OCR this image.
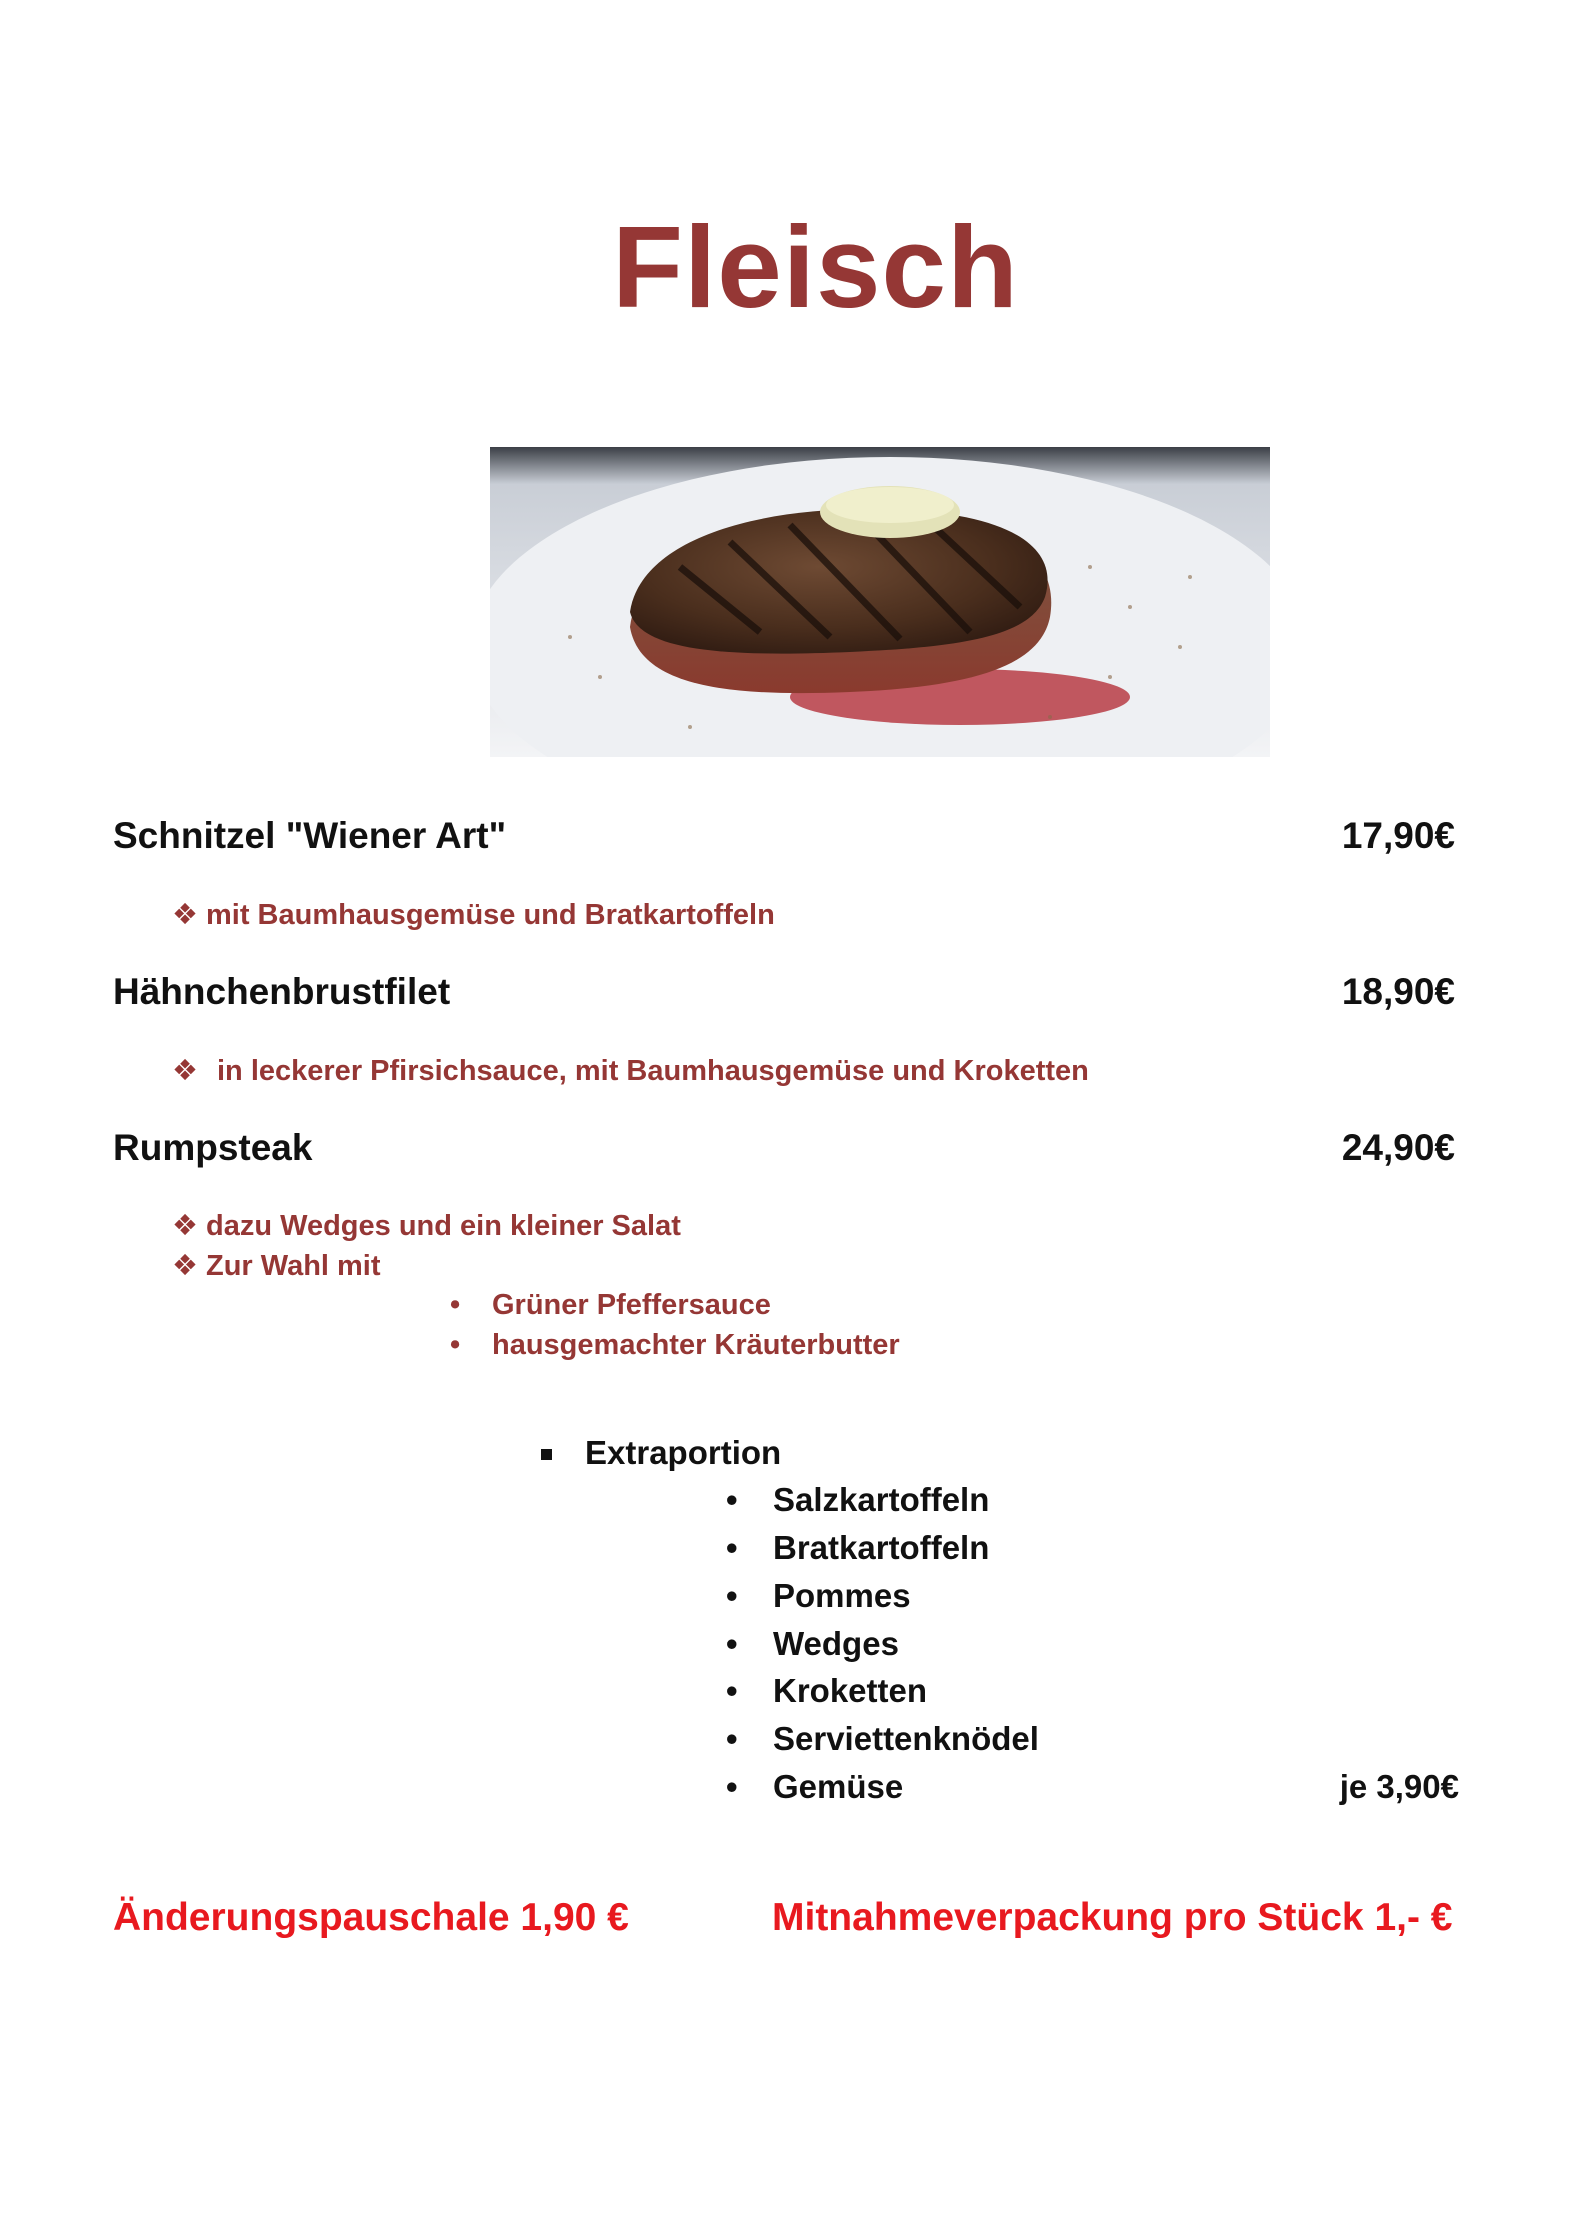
Fleisch
Schnitzel "Wiener Art"	17,90€
❖ mit Baumhausgemüse und Bratkartoffeln
Hähnchenbrustfilet	18,90€
❖ in leckerer Pfirsichsauce, mit Baumhausgemüse und Kroketten
Rumpsteak	24,90€
❖ dazu Wedges und ein kleiner Salat
❖ Zur Wahl mit
• Grüner Pfeffersauce
• hausgemachter Kräuterbutter
Extraportion
• Salzkartoffeln
• Bratkartoffeln
• Pommes
• Wedges
• Kroketten
• Serviettenknödel
• Gemüse	je 3,90€
Änderungspauschale 1,90 €	Mitnahmeverpackung pro Stück 1,- €
